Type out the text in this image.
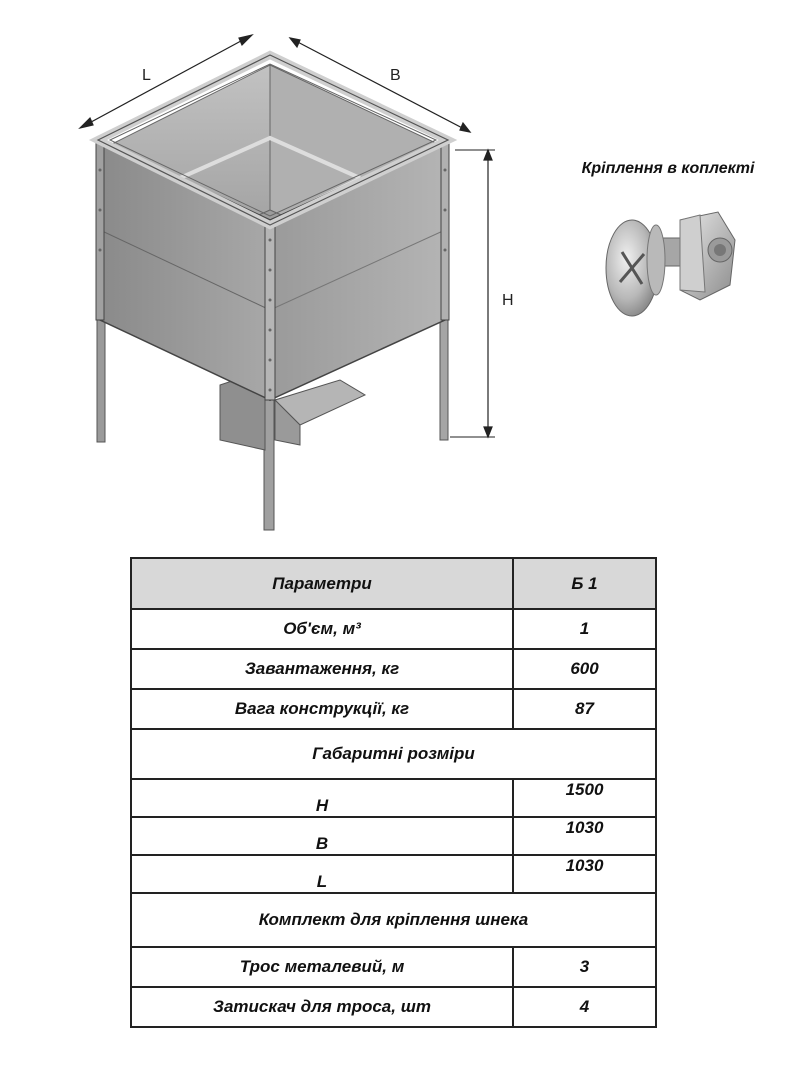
L	B
H
Кріплення в коплекті
Параметри	Б 1
Об'єм, м³	1
Завантаження, кг	600
Вага конструкції, кг	87
Габаритні розміри	
H	1500
B	1030
L	1030
Комплект для кріплення шнека	
Трос металевий, м	3
Затискач для троса, шт	4
